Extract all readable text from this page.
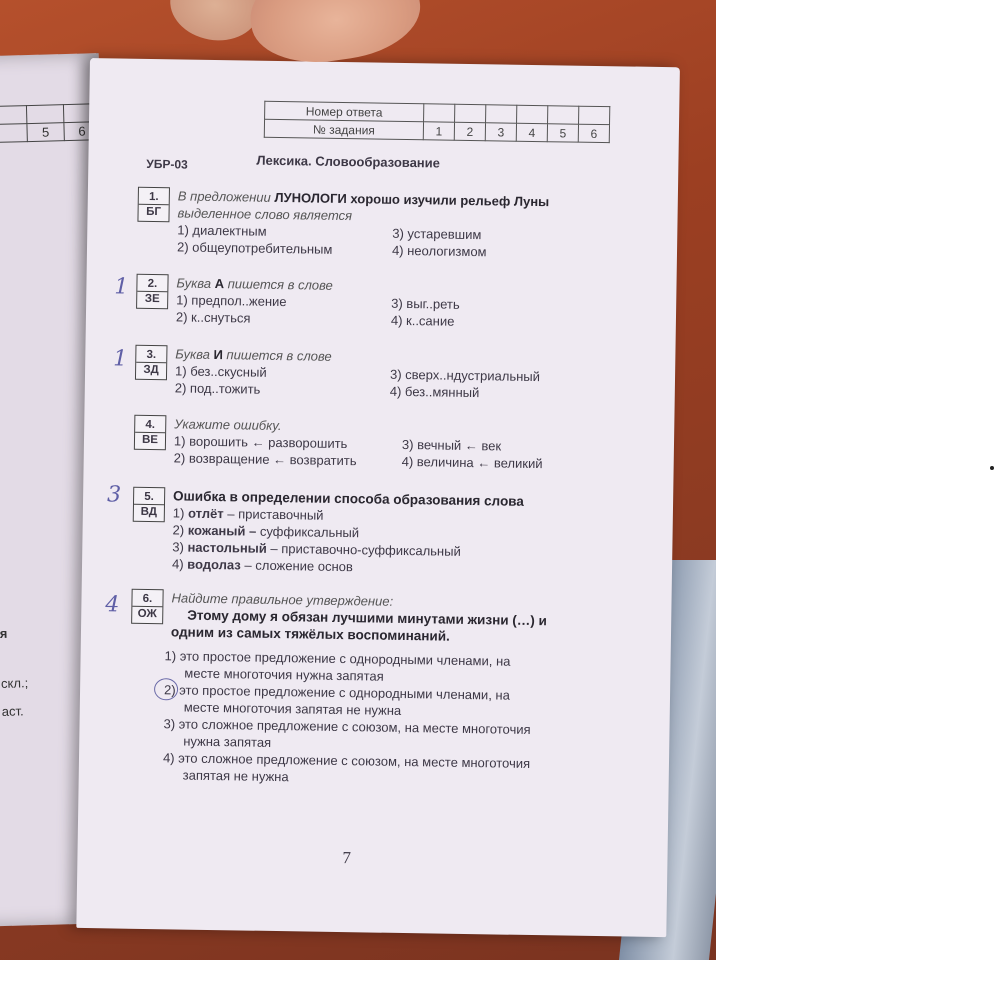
	5	6
я
скл.;
аст.
Номер ответа						
№ задания	1	2	3	4	5	6
УБР-03	Лексика. Словообразование
1.
БГ
В предложении ЛУНОЛОГИ хорошо изучили рельеф Луны
выделенное слово является
1) диалектным	3) устаревшим
2) общеупотребительным	4) неологизмом
2.
ЗЕ
Буква А пишется в слове
1) предпол..жение	3) выг..реть
2) к..снуться	4) к..сание
3.
ЗД
Буква И пишется в слове
1) без..скусный	3) сверх..ндустриальный
2) под..тожить	4) без..мянный
4.
ВЕ
Укажите ошибку.
1) ворошить ← разворошить	3) вечный ← век
2) возвращение ← возвратить	4) величина ← великий
5.
ВД
Ошибка в определении способа образования слова
1) отлёт – приставочный
2) кожаный – суффиксальный
3) настольный – приставочно-суффиксальный
4) водолаз – сложение основ
6.
ОЖ
Найдите правильное утверждение:
Этому дому я обязан лучшими минутами жизни (…) и
одним из самых тяжёлых воспоминаний.
1) это простое предложение с однородными членами, на
месте многоточия нужна запятая
2) это простое предложение с однородными членами, на
месте многоточия запятая не нужна
3) это сложное предложение с союзом, на месте многоточия
нужна запятая
4) это сложное предложение с союзом, на месте многоточия
запятая не нужна
1
1
3
4
7
